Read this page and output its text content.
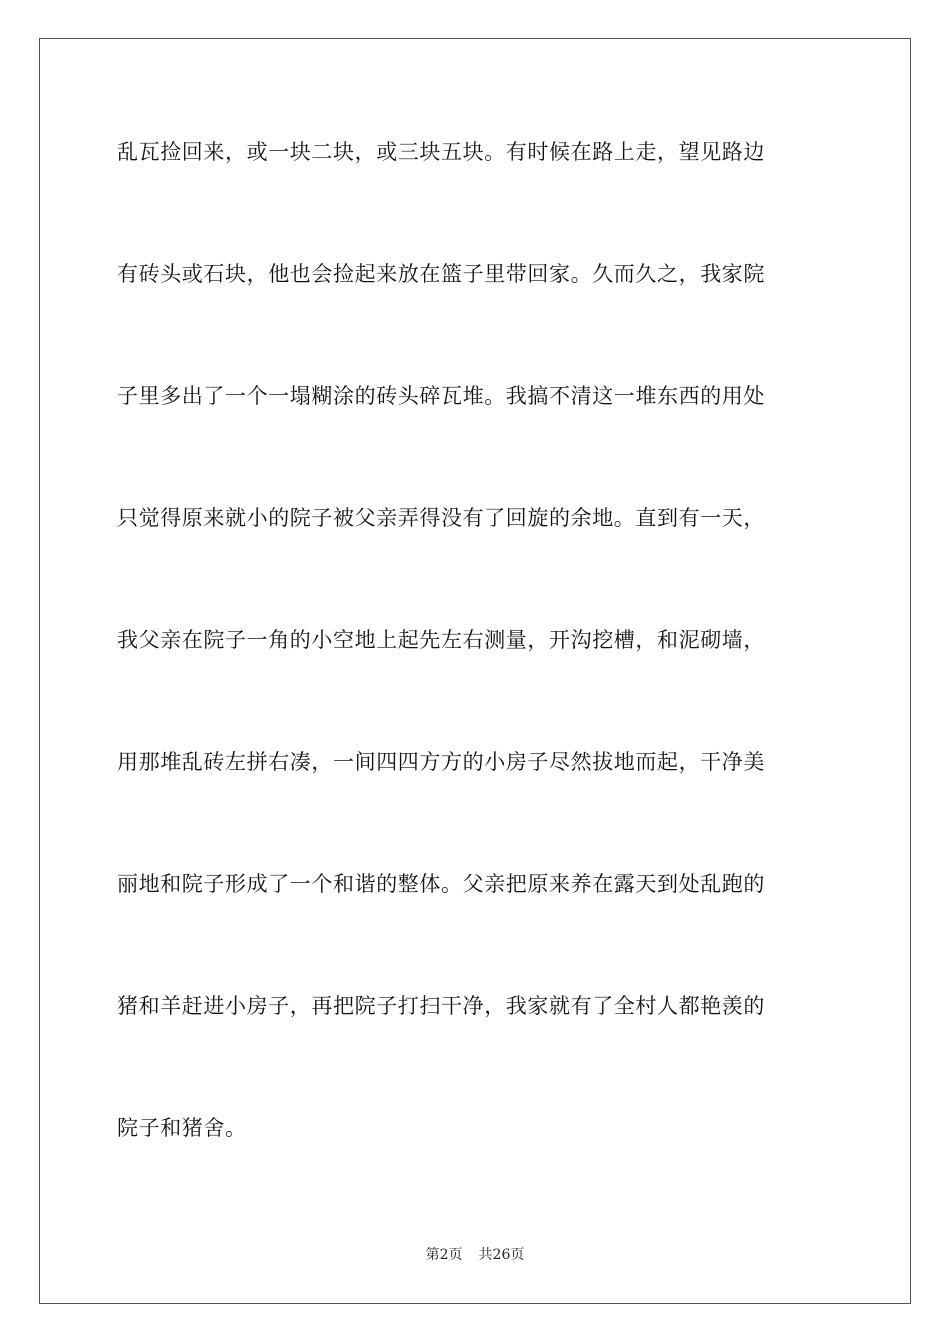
乱瓦捡回来，或一块二块，或三块五块。有时候在路上走，望见路边
有砖头或石块，他也会捡起来放在篮子里带回家。久而久之，我家院
子里多出了一个一塌糊涂的砖头碎瓦堆。我搞不清这一堆东西的用处
只觉得原来就小的院子被父亲弄得没有了回旋的余地。直到有一天，
我父亲在院子一角的小空地上起先左右测量，开沟挖槽，和泥砌墙，
用那堆乱砖左拼右凑，一间四四方方的小房子尽然拔地而起，干净美
丽地和院子形成了一个和谐的整体。父亲把原来养在露天到处乱跑的
猪和羊赶进小房子，再把院子打扫干净，我家就有了全村人都艳羡的
院子和猪舍。
第2页 共26页
